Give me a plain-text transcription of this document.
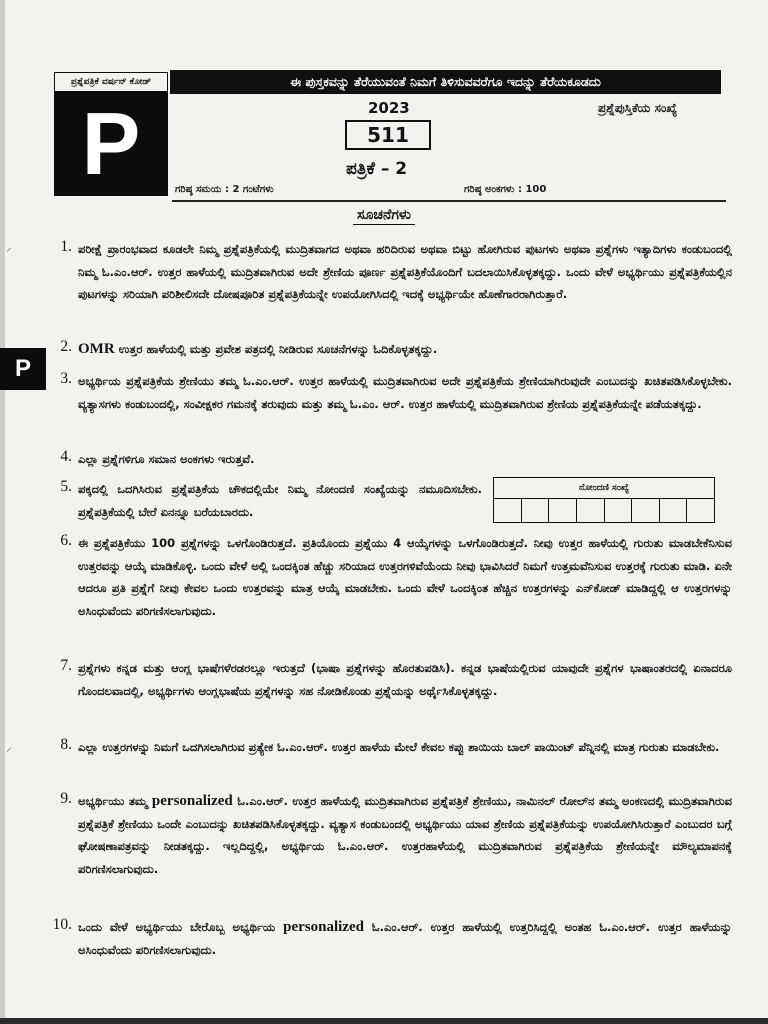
ಪ್ರಶ್ನೆಪತ್ರಿಕೆ ವರ್ಷನ್ ಕೋಡ್
P
ಈ ಪುಸ್ತಕವನ್ನು ತೆರೆಯುವಂತೆ ನಿಮಗೆ ತಿಳಿಸುವವರೆಗೂ ಇದನ್ನು ತೆರೆಯಕೂಡದು
2023	ಪ್ರಶ್ನೆಪುಸ್ತಿಕೆಯ ಸಂಖ್ಯೆ
511
ಪತ್ರಿಕೆ – 2
ಗರಿಷ್ಠ ಸಮಯ : 2 ಗಂಟೆಗಳು	ಗರಿಷ್ಠ ಅಂಕಗಳು : 100
ಸೂಚನೆಗಳು
P
1. ಪರೀಕ್ಷೆ ಪ್ರಾರಂಭವಾದ ಕೂಡಲೇ ನಿಮ್ಮ ಪ್ರಶ್ನೆಪತ್ರಿಕೆಯಲ್ಲಿ ಮುದ್ರಿತವಾಗದ ಅಥವಾ ಹರಿದಿರುವ ಅಥವಾ ಬಿಟ್ಟು ಹೋಗಿರುವ ಪುಟಗಳು ಅಥವಾ ಪ್ರಶ್ನೆಗಳು ಇತ್ಯಾದಿಗಳು ಕಂಡುಬಂದಲ್ಲಿ ನಿಮ್ಮ ಓ.ಎಂ.ಆರ್. ಉತ್ತರ ಹಾಳೆಯಲ್ಲಿ ಮುದ್ರಿತವಾಗಿರುವ ಅದೇ ಶ್ರೇಣಿಯ ಪೂರ್ಣ ಪ್ರಶ್ನೆಪತ್ರಿಕೆಯೊಂದಿಗೆ ಬದಲಾಯಿಸಿಕೊಳ್ಳತಕ್ಕದ್ದು. ಒಂದು ವೇಳೆ ಅಭ್ಯರ್ಥಿಯು ಪ್ರಶ್ನೆಪತ್ರಿಕೆಯಲ್ಲಿನ ಪುಟಗಳನ್ನು ಸರಿಯಾಗಿ ಪರಿಶೀಲಿಸದೇ ದೋಷಪೂರಿತ ಪ್ರಶ್ನೆಪತ್ರಿಕೆಯನ್ನೇ ಉಪಯೋಗಿಸಿದಲ್ಲಿ ಇದಕ್ಕೆ ಅಭ್ಯರ್ಥಿಯೇ ಹೊಣೆಗಾರರಾಗಿರುತ್ತಾರೆ.
2. OMR ಉತ್ತರ ಹಾಳೆಯಲ್ಲಿ ಮತ್ತು ಪ್ರವೇಶ ಪತ್ರದಲ್ಲಿ ನೀಡಿರುವ ಸೂಚನೆಗಳನ್ನು ಓದಿಕೊಳ್ಳತಕ್ಕದ್ದು.
3. ಅಭ್ಯರ್ಥಿಯ ಪ್ರಶ್ನೆಪತ್ರಿಕೆಯ ಶ್ರೇಣಿಯು ತಮ್ಮ ಓ.ಎಂ.ಆರ್. ಉತ್ತರ ಹಾಳೆಯಲ್ಲಿ ಮುದ್ರಿತವಾಗಿರುವ ಅದೇ ಪ್ರಶ್ನೆಪತ್ರಿಕೆಯ ಶ್ರೇಣಿಯಾಗಿರುವುದೇ ಎಂಬುದನ್ನು ಖಚಿತಪಡಿಸಿಕೊಳ್ಳಬೇಕು. ವ್ಯತ್ಯಾಸಗಳು ಕಂಡುಬಂದಲ್ಲಿ, ಸಂವೀಕ್ಷಕರ ಗಮನಕ್ಕೆ ತರುವುದು ಮತ್ತು ತಮ್ಮ ಓ.ಎಂ. ಆರ್. ಉತ್ತರ ಹಾಳೆಯಲ್ಲಿ ಮುದ್ರಿತವಾಗಿರುವ ಶ್ರೇಣಿಯ ಪ್ರಶ್ನೆಪತ್ರಿಕೆಯನ್ನೇ ಪಡೆಯತಕ್ಕದ್ದು.
4. ಎಲ್ಲಾ ಪ್ರಶ್ನೆಗಳಿಗೂ ಸಮಾನ ಅಂಕಗಳು ಇರುತ್ತವೆ.
5. ಪಕ್ಕದಲ್ಲಿ ಒದಗಿಸಿರುವ ಪ್ರಶ್ನೆಪತ್ರಿಕೆಯ ಚೌಕದಲ್ಲಿಯೇ ನಿಮ್ಮ ನೋಂದಣಿ ಸಂಖ್ಯೆಯನ್ನು ನಮೂದಿಸಬೇಕು. ಪ್ರಶ್ನೆಪತ್ರಿಕೆಯಲ್ಲಿ ಬೇರೆ ಏನನ್ನೂ ಬರೆಯಬಾರದು.
ನೋಂದಣಿ ಸಂಖ್ಯೆ
6. ಈ ಪ್ರಶ್ನೆಪತ್ರಿಕೆಯು 100 ಪ್ರಶ್ನೆಗಳನ್ನು ಒಳಗೊಂಡಿರುತ್ತದೆ. ಪ್ರತಿಯೊಂದು ಪ್ರಶ್ನೆಯು 4 ಆಯ್ಕೆಗಳನ್ನು ಒಳಗೊಂಡಿರುತ್ತದೆ. ನೀವು ಉತ್ತರ ಹಾಳೆಯಲ್ಲಿ ಗುರುತು ಮಾಡಬೇಕೆನಿಸುವ ಉತ್ತರವನ್ನು ಆಯ್ಕೆ ಮಾಡಿಕೊಳ್ಳಿ. ಒಂದು ವೇಳೆ ಅಲ್ಲಿ ಒಂದಕ್ಕಿಂತ ಹೆಚ್ಚು ಸರಿಯಾದ ಉತ್ತರಗಳಿವೆಯೆಂದು ನೀವು ಭಾವಿಸಿದರೆ ನಿಮಗೆ ಉತ್ತಮವೆನಿಸುವ ಉತ್ತರಕ್ಕೆ ಗುರುತು ಮಾಡಿ. ಏನೇ ಆದರೂ ಪ್ರತಿ ಪ್ರಶ್ನೆಗೆ ನೀವು ಕೇವಲ ಒಂದು ಉತ್ತರವನ್ನು ಮಾತ್ರ ಆಯ್ಕೆ ಮಾಡಬೇಕು. ಒಂದು ವೇಳೆ ಒಂದಕ್ಕಿಂತ ಹೆಚ್ಚಿನ ಉತ್ತರಗಳನ್ನು ಎನ್‌ಕೋಡ್ ಮಾಡಿದ್ದಲ್ಲಿ ಆ ಉತ್ತರಗಳನ್ನು ಅಸಿಂಧುವೆಂದು ಪರಿಗಣಿಸಲಾಗುವುದು.
7. ಪ್ರಶ್ನೆಗಳು ಕನ್ನಡ ಮತ್ತು ಆಂಗ್ಲ ಭಾಷೆಗಳೆರಡರಲ್ಲೂ ಇರುತ್ತದೆ (ಭಾಷಾ ಪ್ರಶ್ನೆಗಳನ್ನು ಹೊರತುಪಡಿಸಿ). ಕನ್ನಡ ಭಾಷೆಯಲ್ಲಿರುವ ಯಾವುದೇ ಪ್ರಶ್ನೆಗಳ ಭಾಷಾಂತರದಲ್ಲಿ ಏನಾದರೂ ಗೊಂದಲವಾದಲ್ಲಿ, ಅಭ್ಯರ್ಥಿಗಳು ಆಂಗ್ಲಭಾಷೆಯ ಪ್ರಶ್ನೆಗಳನ್ನು ಸಹ ನೋಡಿಕೊಂಡು ಪ್ರಶ್ನೆಯನ್ನು ಅರ್ಥೈಸಿಕೊಳ್ಳತಕ್ಕದ್ದು.
8. ಎಲ್ಲಾ ಉತ್ತರಗಳನ್ನು ನಿಮಗೆ ಒದಗಿಸಲಾಗಿರುವ ಪ್ರತ್ಯೇಕ ಓ.ಎಂ.ಆರ್. ಉತ್ತರ ಹಾಳೆಯ ಮೇಲೆ ಕೇವಲ ಕಪ್ಪು ಶಾಯಿಯ ಬಾಲ್ ಪಾಯಿಂಟ್ ಪೆನ್ನಿನಲ್ಲಿ ಮಾತ್ರ ಗುರುತು ಮಾಡಬೇಕು.
9. ಅಭ್ಯರ್ಥಿಯು ತಮ್ಮ personalized ಓ.ಎಂ.ಆರ್. ಉತ್ತರ ಹಾಳೆಯಲ್ಲಿ ಮುದ್ರಿತವಾಗಿರುವ ಪ್ರಶ್ನೆಪತ್ರಿಕೆ ಶ್ರೇಣಿಯು, ನಾಮಿನಲ್ ರೋಲ್‌ನ ತಮ್ಮ ಅಂಕಣದಲ್ಲಿ ಮುದ್ರಿತವಾಗಿರುವ ಪ್ರಶ್ನೆಪತ್ರಿಕೆ ಶ್ರೇಣಿಯು ಒಂದೇ ಎಂಬುದನ್ನು ಖಚಿತಪಡಿಸಿಕೊಳ್ಳತಕ್ಕದ್ದು. ವ್ಯತ್ಯಾಸ ಕಂಡುಬಂದಲ್ಲಿ ಅಭ್ಯರ್ಥಿಯು ಯಾವ ಶ್ರೇಣಿಯ ಪ್ರಶ್ನೆಪತ್ರಿಕೆಯನ್ನು ಉಪಯೋಗಿಸಿರುತ್ತಾರೆ ಎಂಬುದರ ಬಗ್ಗೆ ಘೋಷಣಾಪತ್ರವನ್ನು ನೀಡತಕ್ಕದ್ದು. ಇಲ್ಲದಿದ್ದಲ್ಲಿ, ಅಭ್ಯರ್ಥಿಯ ಓ.ಎಂ.ಆರ್. ಉತ್ತರಹಾಳೆಯಲ್ಲಿ ಮುದ್ರಿತವಾಗಿರುವ ಪ್ರಶ್ನೆಪತ್ರಿಕೆಯ ಶ್ರೇಣಿಯನ್ನೇ ಮೌಲ್ಯಮಾಪನಕ್ಕೆ ಪರಿಗಣಿಸಲಾಗುವುದು.
10. ಒಂದು ವೇಳೆ ಅಭ್ಯರ್ಥಿಯು ಬೇರೊಬ್ಬ ಅಭ್ಯರ್ಥಿಯ personalized ಓ.ಎಂ.ಆರ್. ಉತ್ತರ ಹಾಳೆಯಲ್ಲಿ ಉತ್ತರಿಸಿದ್ದಲ್ಲಿ ಅಂತಹ ಓ.ಎಂ.ಆರ್. ಉತ್ತರ ಹಾಳೆಯನ್ನು ಅಸಿಂಧುವೆಂದು ಪರಿಗಣಿಸಲಾಗುವುದು.
⸝
⸝
